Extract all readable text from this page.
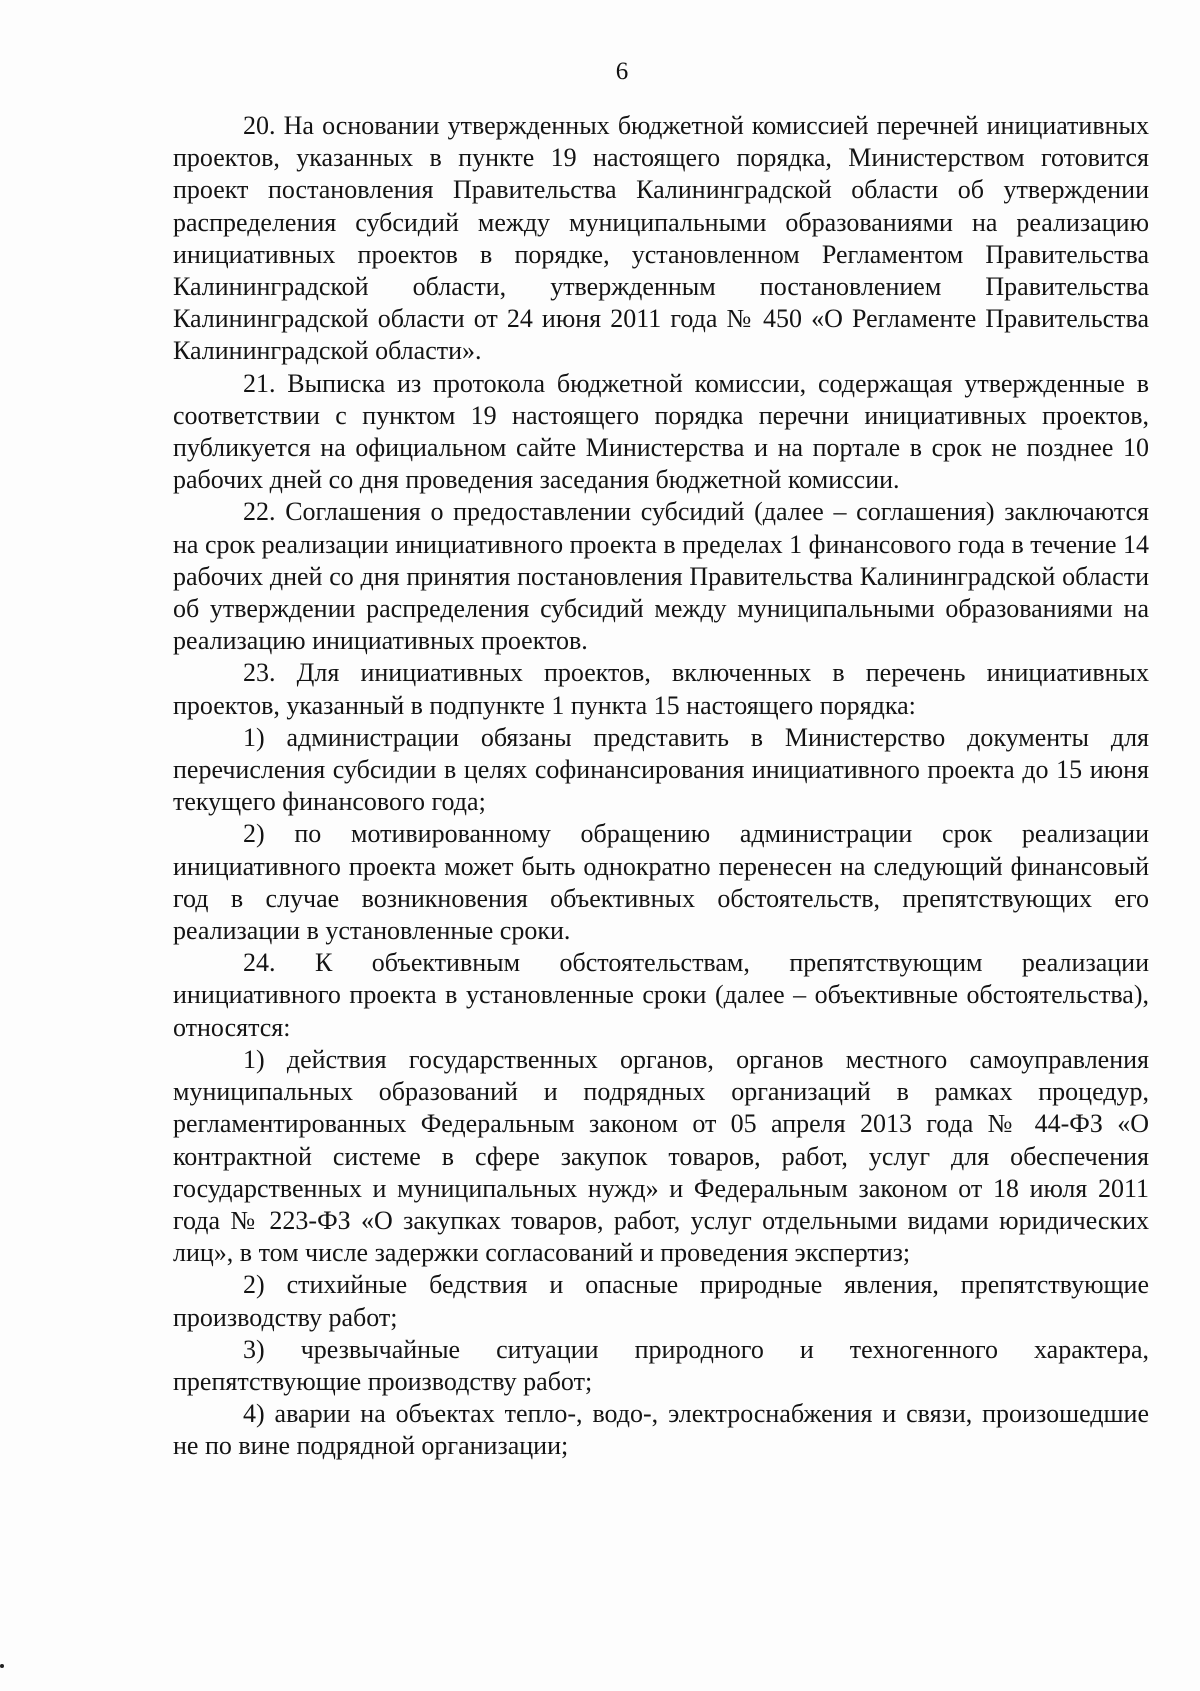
6

20. На основании утвержденных бюджетной комиссией перечней инициативных проектов, указанных в пункте 19 настоящего порядка, Министерством готовится проект постановления Правительства Калининградской области об утверждении распределения субсидий между муниципальными образованиями на реализацию инициативных проектов в порядке, установленном Регламентом Правительства Калининградской области, утвержденным постановлением Правительства Калининградской области от 24 июня 2011 года № 450 «О Регламенте Правительства Калининградской области».

21. Выписка из протокола бюджетной комиссии, содержащая утвержденные в соответствии с пунктом 19 настоящего порядка перечни инициативных проектов, публикуется на официальном сайте Министерства и на портале в срок не позднее 10 рабочих дней со дня проведения заседания бюджетной комиссии.

22. Соглашения о предоставлении субсидий (далее – соглашения) заключаются на срок реализации инициативного проекта в пределах 1 финансового года в течение 14 рабочих дней со дня принятия постановления Правительства Калининградской области об утверждении распределения субсидий между муниципальными образованиями на реализацию инициативных проектов.

23. Для инициативных проектов, включенных в перечень инициативных проектов, указанный в подпункте 1 пункта 15 настоящего порядка:

1) администрации обязаны представить в Министерство документы для перечисления субсидии в целях софинансирования инициативного проекта до 15 июня текущего финансового года;

2) по мотивированному обращению администрации срок реализации инициативного проекта может быть однократно перенесен на следующий финансовый год в случае возникновения объективных обстоятельств, препятствующих его реализации в установленные сроки.

24. К объективным обстоятельствам, препятствующим реализации инициативного проекта в установленные сроки (далее – объективные обстоятельства), относятся:

1) действия государственных органов, органов местного самоуправления муниципальных образований и подрядных организаций в рамках процедур, регламентированных Федеральным законом от 05 апреля 2013 года № 44-ФЗ «О контрактной системе в сфере закупок товаров, работ, услуг для обеспечения государственных и муниципальных нужд» и Федеральным законом от 18 июля 2011 года № 223-ФЗ «О закупках товаров, работ, услуг отдельными видами юридических лиц», в том числе задержки согласований и проведения экспертиз;

2) стихийные бедствия и опасные природные явления, препятствующие производству работ;

3) чрезвычайные ситуации природного и техногенного характера, препятствующие производству работ;

4) аварии на объектах тепло-, водо-, электроснабжения и связи, произошедшие не по вине подрядной организации;
